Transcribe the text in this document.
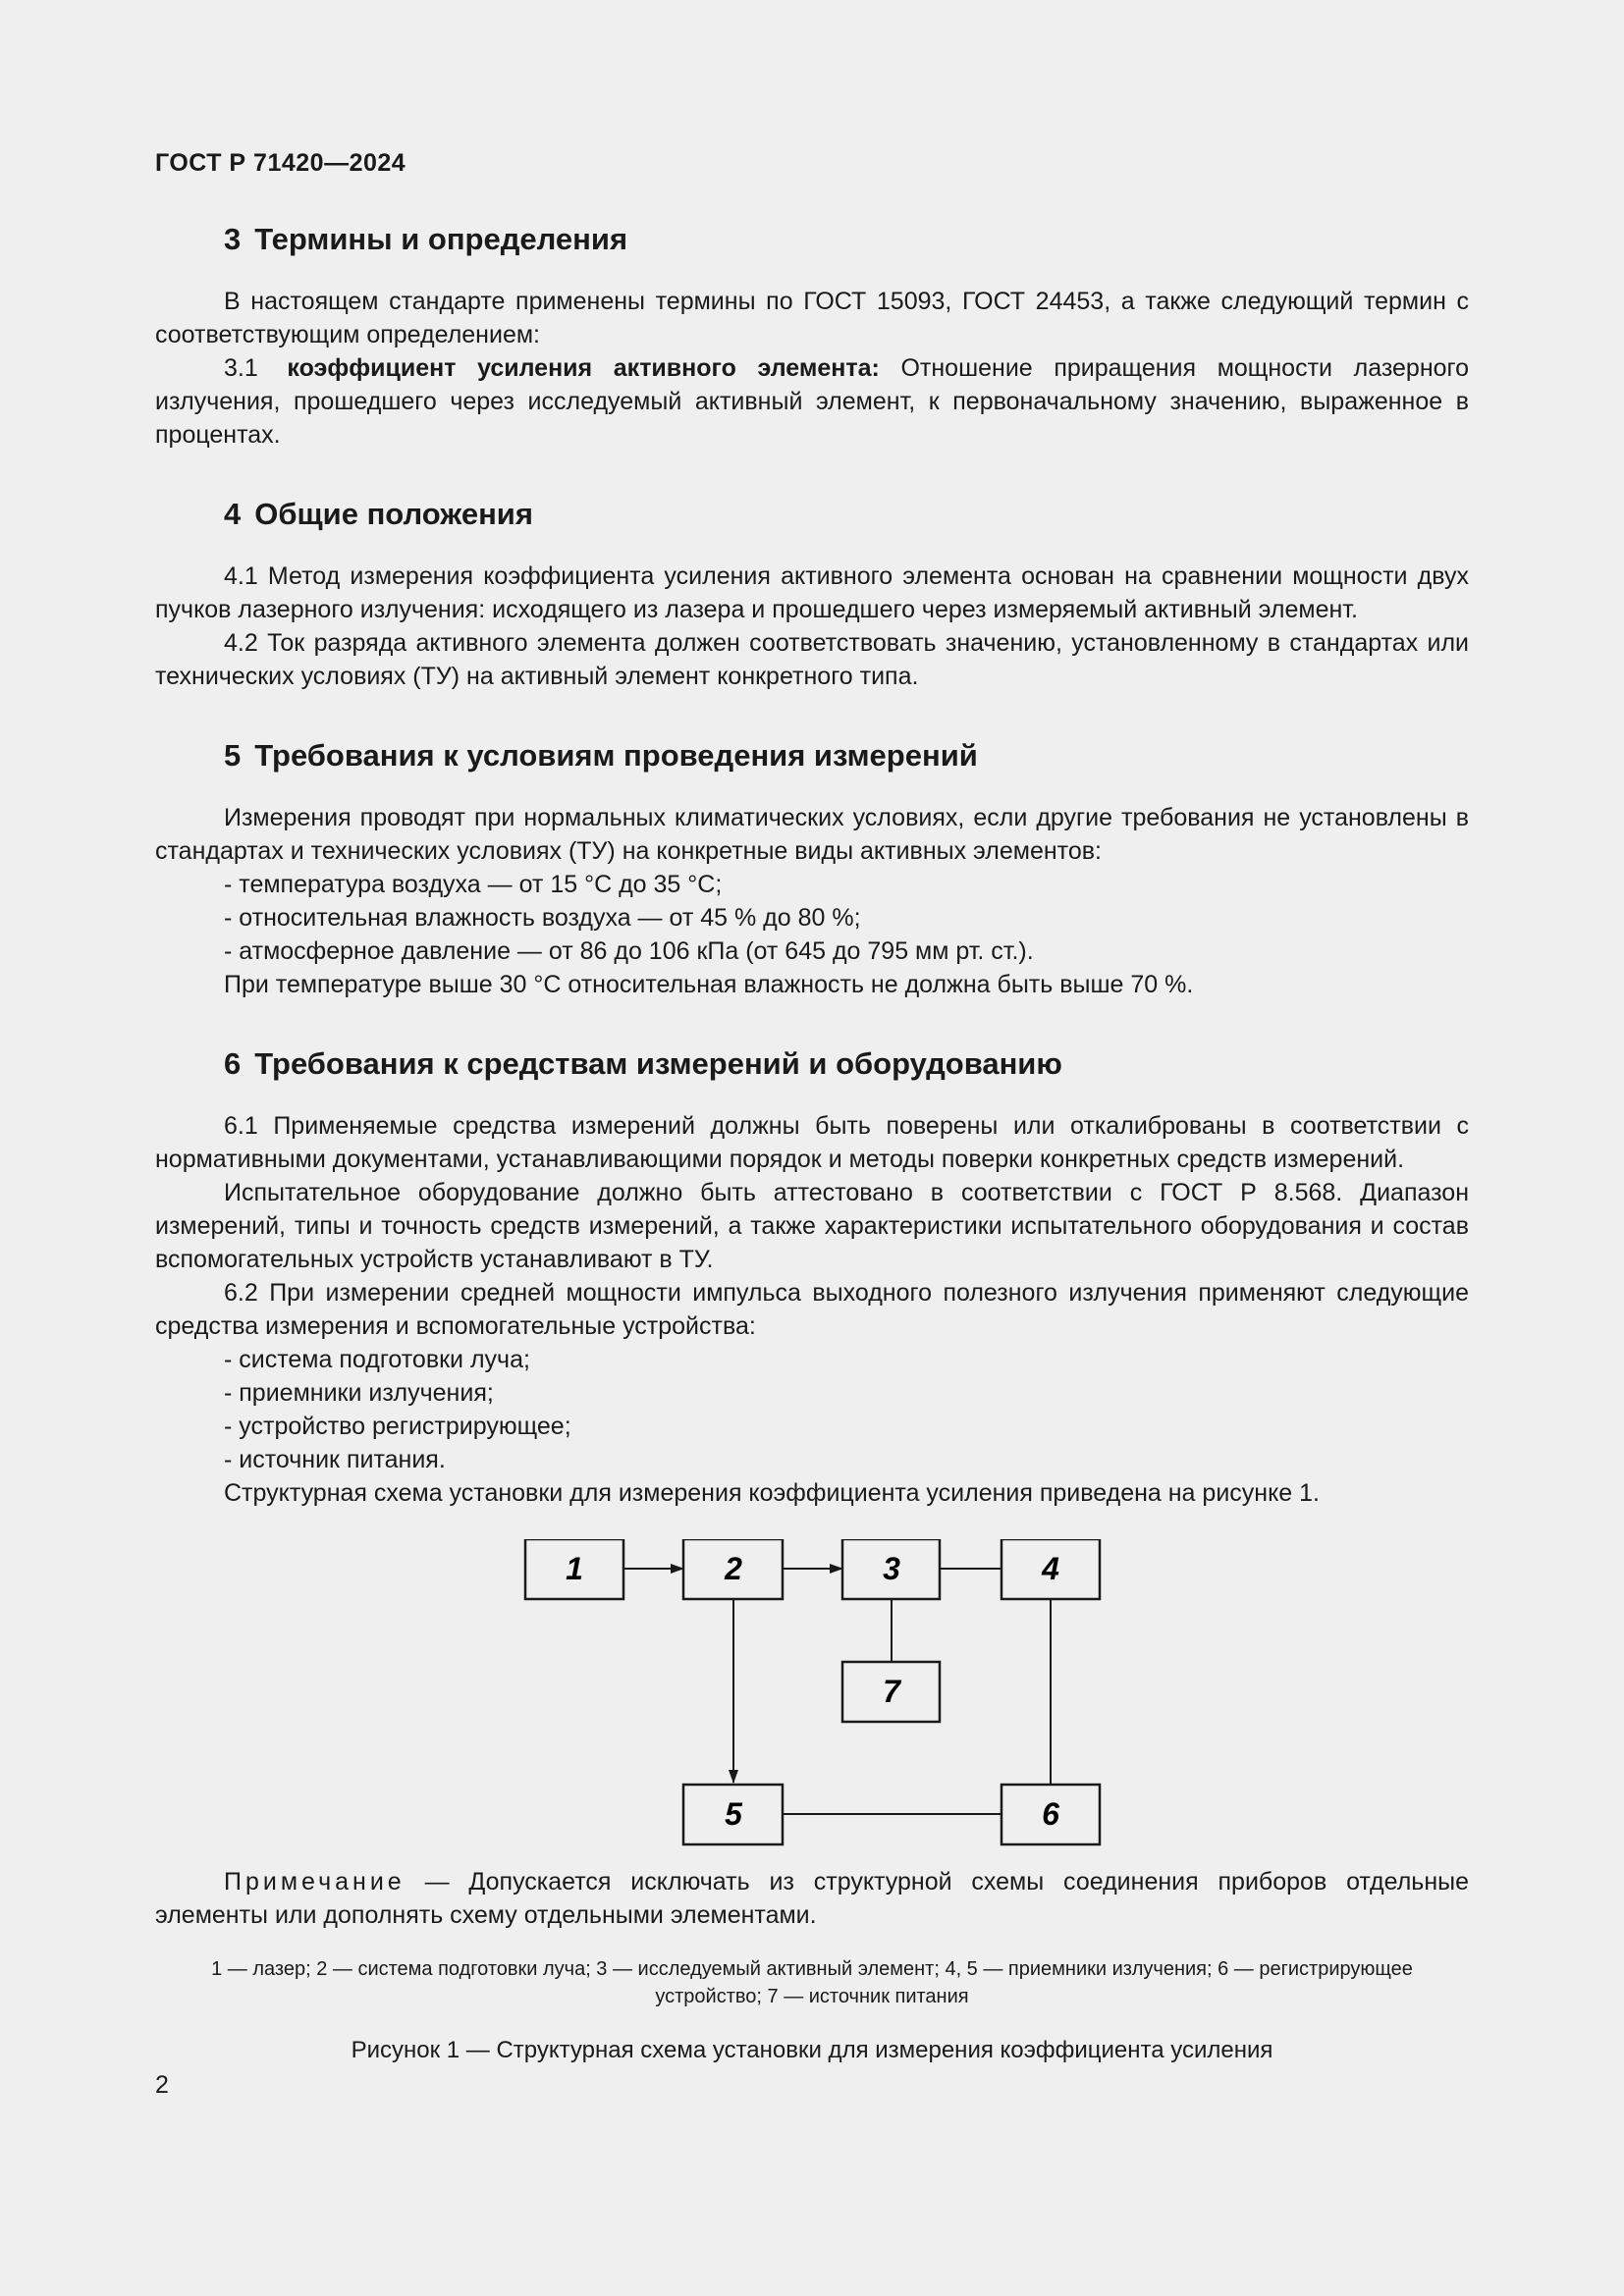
ГОСТ Р 71420—2024
3 Термины и определения

В настоящем стандарте применены термины по ГОСТ 15093, ГОСТ 24453, а также следующий термин с соответствующим определением:

3.1 коэффициент усиления активного элемента: Отношение приращения мощности лазерного излучения, прошедшего через исследуемый активный элемент, к первоначальному значению, выраженное в процентах.

4 Общие положения

4.1 Метод измерения коэффициента усиления активного элемента основан на сравнении мощности двух пучков лазерного излучения: исходящего из лазера и прошедшего через измеряемый активный элемент.

4.2 Ток разряда активного элемента должен соответствовать значению, установленному в стандартах или технических условиях (ТУ) на активный элемент конкретного типа.

5 Требования к условиям проведения измерений

Измерения проводят при нормальных климатических условиях, если другие требования не установлены в стандартах и технических условиях (ТУ) на конкретные виды активных элементов:

- температура воздуха — от 15 °С до 35 °С;

- относительная влажность воздуха — от 45 % до 80 %;

- атмосферное давление — от 86 до 106 кПа (от 645 до 795 мм рт. ст.).

При температуре выше 30 °С относительная влажность не должна быть выше 70 %.

6 Требования к средствам измерений и оборудованию

6.1 Применяемые средства измерений должны быть поверены или откалиброваны в соответствии с нормативными документами, устанавливающими порядок и методы поверки конкретных средств измерений.

Испытательное оборудование должно быть аттестовано в соответствии с ГОСТ Р 8.568. Диапазон измерений, типы и точность средств измерений, а также характеристики испытательного оборудования и состав вспомогательных устройств устанавливают в ТУ.

6.2 При измерении средней мощности импульса выходного полезного излучения применяют следующие средства измерения и вспомогательные устройства:

- система подготовки луча;

- приемники излучения;

- устройство регистрирующее;

- источник питания.

Структурная схема установки для измерения коэффициента усиления приведена на рисунке 1.

1	2	3	4
7
5	6

Примечание — Допускается исключать из структурной схемы соединения приборов отдельные элементы или дополнять схему отдельными элементами.

1 — лазер; 2 — система подготовки луча; 3 — исследуемый активный элемент; 4, 5 — приемники излучения; 6 — регистрирующее
устройство; 7 — источник питания
Рисунок 1 — Структурная схема установки для измерения коэффициента усиления
2
